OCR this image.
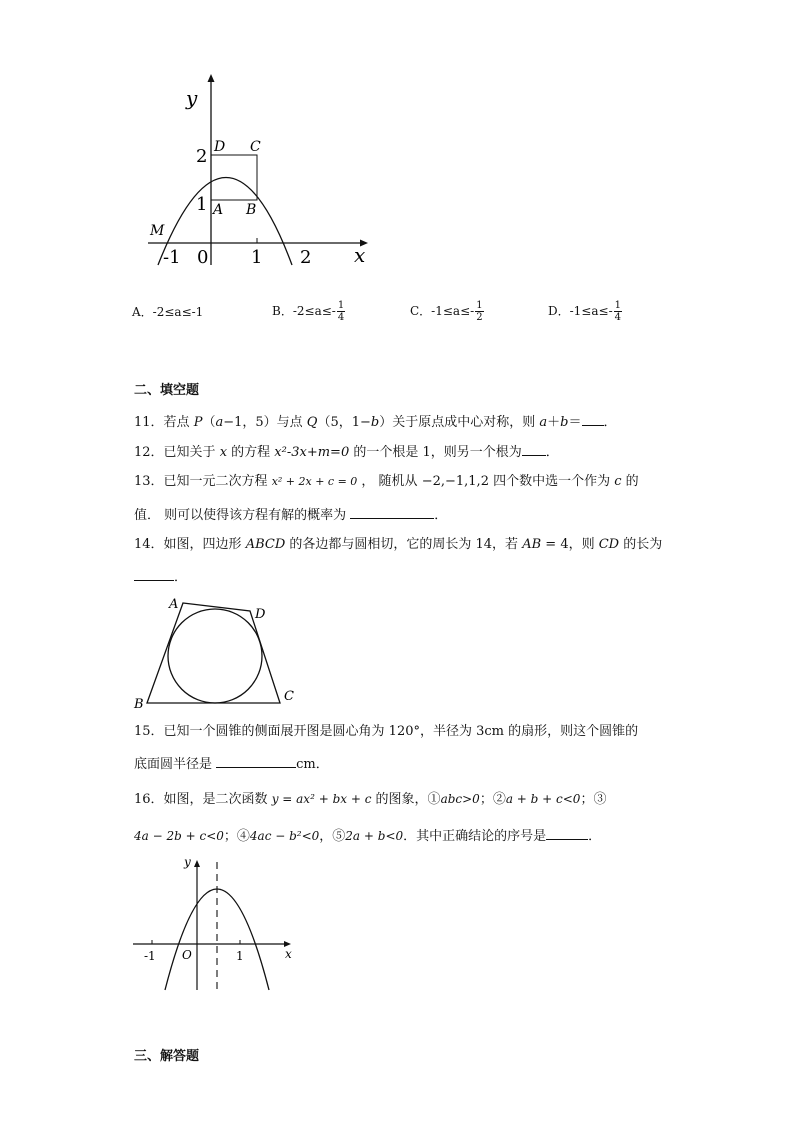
y
x
2
1
-1 0 1 2
D C
A B
M
A．-2≤a≤-1	B．$-2\le a\le- \frac{1}{4}$	C．$-1\le a\le- \frac{1}{2}$	D．$-1\le a\le- \frac{1}{4}$
二、填空题
11．若点 P（a−1，5）与点 Q（5，1−b）关于原点成中心对称，则 a＋b＝ ．
12．已知关于 x 的方程 x²-3x+m=0 的一个根是 1，则另一个根为 ．
13．已知一元二次方程 x² + 2x + c = 0 ， 随机从 −2,−1,1,2 四个数中选一个作为 c 的
值． 则可以使得该方程有解的概率为	．
14．如图，四边形 ABCD 的各边都与圆相切，它的周长为 14，若 AB = 4，则 CD 的长为
．
A
D
B
C
15．已知一个圆锥的侧面展开图是圆心角为 120°，半径为 3cm 的扇形，则这个圆锥的
底面圆半径是	cm．
16．如图，是二次函数 y = ax² + bx + c 的图象，①abc>0；②a + b + c<0；③
4a − 2b + c<0；④4ac − b²<0，⑤2a + b<0．其中正确结论的序号是	．
y
x
-1 O	1
三、解答题
